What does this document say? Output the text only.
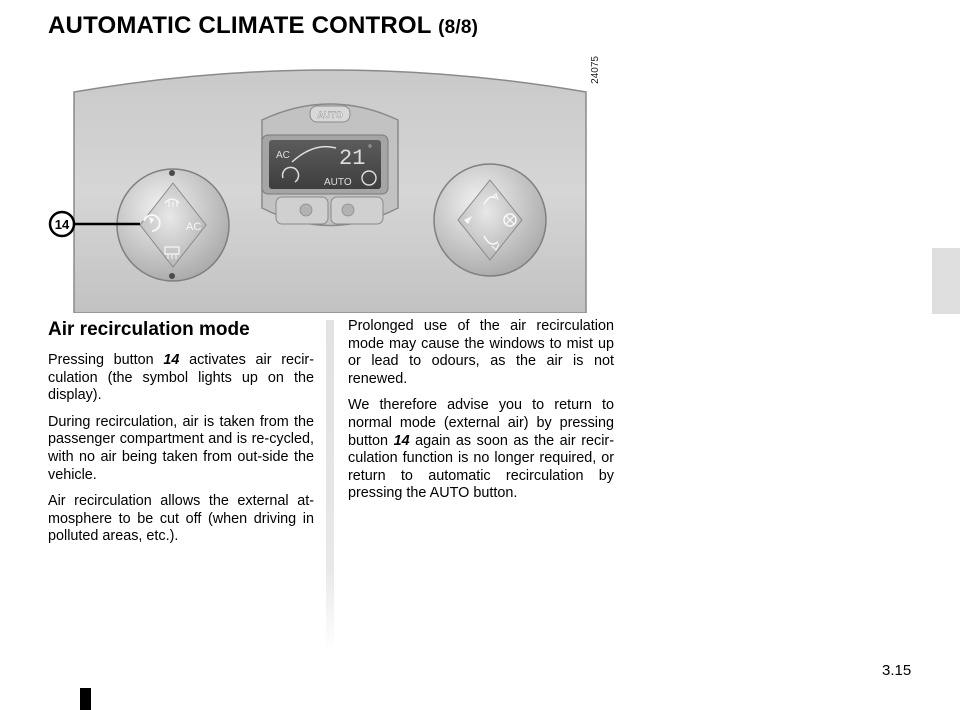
AUTOMATIC CLIMATE CONTROL (8/8)
24075
AUTO
AC 21 °
AUTO
AC
14
Air recirculation mode

Pressing button 14 activates air recir-culation (the symbol lights up on the display).

During recirculation, air is taken from the passenger compartment and is re-cycled, with no air being taken from out-side the vehicle.

Air recirculation allows the external at-mosphere to be cut off (when driving in polluted areas, etc.).

Prolonged use of the air recirculation mode may cause the windows to mist up or lead to odours, as the air is not renewed.

We therefore advise you to return to normal mode (external air) by pressing button 14 again as soon as the air recir-culation function is no longer required, or return to automatic recirculation by pressing the AUTO button.

3.15
